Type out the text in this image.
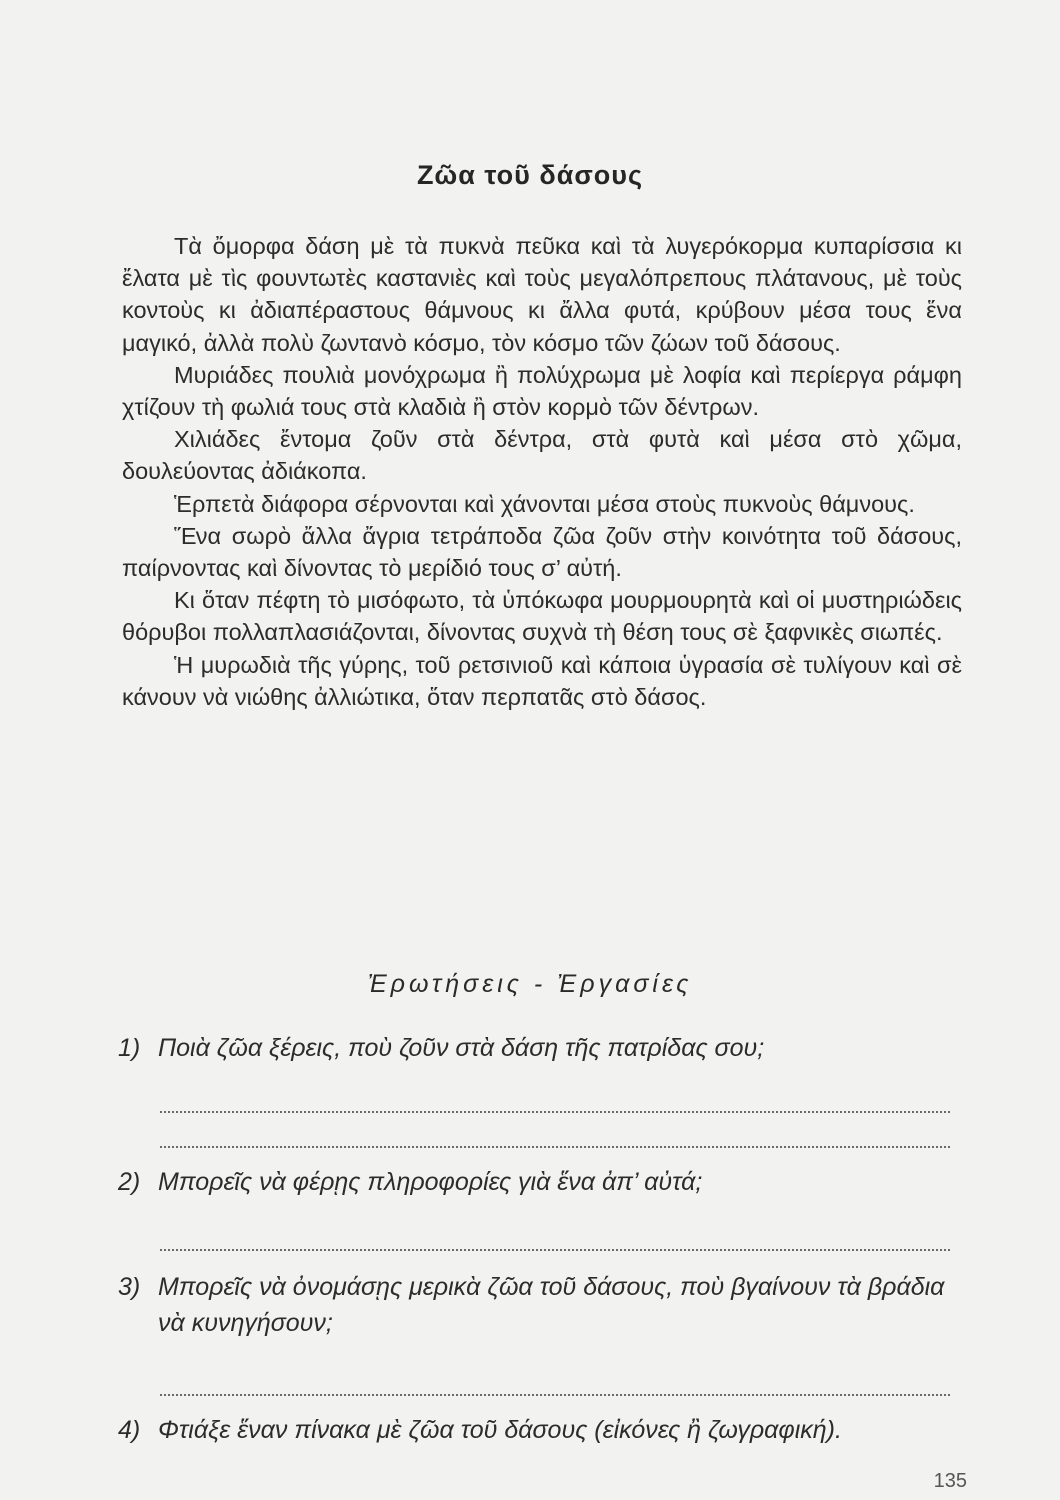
Ζῶα τοῦ δάσους

Τὰ ὄμορφα δάση μὲ τὰ πυκνὰ πεῦκα καὶ τὰ λυγερόκορμα κυπαρίσσια κι ἔλατα μὲ τὶς φουντωτὲς καστανιὲς καὶ τοὺς μεγαλόπρεπους πλάτανους, μὲ τοὺς κοντοὺς κι ἀδιαπέραστους θάμνους κι ἄλλα φυτά, κρύβουν μέσα τους ἕνα μαγικό, ἀλλὰ πολὺ ζωντανὸ κόσμο, τὸν κόσμο τῶν ζώων τοῦ δάσους.

Μυριάδες πουλιὰ μονόχρωμα ἢ πολύχρωμα μὲ λοφία καὶ περίεργα ράμφη χτίζουν τὴ φωλιά τους στὰ κλαδιὰ ἢ στὸν κορμὸ τῶν δέντρων.

Χιλιάδες ἔντομα ζοῦν στὰ δέντρα, στὰ φυτὰ καὶ μέσα στὸ χῶμα, δουλεύοντας ἀδιάκοπα.

Ἑρπετὰ διάφορα σέρνονται καὶ χάνονται μέσα στοὺς πυκνοὺς θάμνους.

Ἕνα σωρὸ ἄλλα ἄγρια τετράποδα ζῶα ζοῦν στὴν κοινότητα τοῦ δάσους, παίρνοντας καὶ δίνοντας τὸ μερίδιό τους σ’ αὐτή.

Κι ὅταν πέφτη τὸ μισόφωτο, τὰ ὑπόκωφα μουρμουρητὰ καὶ οἱ μυστηριώδεις θόρυβοι πολλαπλασιάζονται, δίνοντας συχνὰ τὴ θέση τους σὲ ξαφνικὲς σιωπές.

Ἡ μυρωδιὰ τῆς γύρης, τοῦ ρετσινιοῦ καὶ κάποια ὑγρασία σὲ τυλίγουν καὶ σὲ κάνουν νὰ νιώθης ἀλλιώτικα, ὅταν περπατᾶς στὸ δάσος.

Ἐρωτήσεις - Ἐργασίες
1) Ποιὰ ζῶα ξέρεις, ποὺ ζοῦν στὰ δάση τῆς πατρίδας σου;
2) Μπορεῖς νὰ φέρῃς πληροφορίες γιὰ ἕνα ἀπ’ αὐτά;
3) Μπορεῖς νὰ ὀνομάσῃς μερικὰ ζῶα τοῦ δάσους, ποὺ βγαίνουν τὰ βράδια νὰ κυνηγήσουν;
4) Φτιάξε ἕναν πίνακα μὲ ζῶα τοῦ δάσους (εἰκόνες ἢ ζωγραφική).
135
